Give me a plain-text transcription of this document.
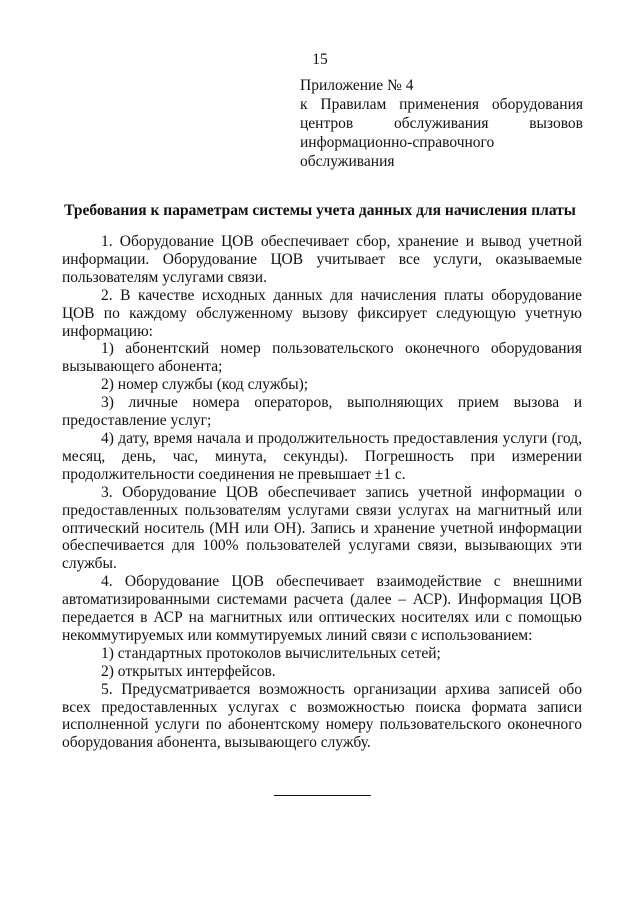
15
Приложение № 4
к Правилам применения оборудования
центров обслуживания вызовов
информационно-справочного обслуживания
Требования к параметрам системы учета данных для начисления платы

1. Оборудование ЦОВ обеспечивает сбор, хранение и вывод учетной информации. Оборудование ЦОВ учитывает все услуги, оказываемые пользователям услугами связи.

2. В качестве исходных данных для начисления платы оборудование ЦОВ по каждому обслуженному вызову фиксирует следующую учетную информацию:

1) абонентский номер пользовательского оконечного оборудования вызывающего абонента;

2) номер службы (код службы);

3) личные номера операторов, выполняющих прием вызова и предоставление услуг;

4) дату, время начала и продолжительность предоставления услуги (год, месяц, день, час, минута, секунды). Погрешность при измерении продолжительности соединения не превышает ±1 с.

3. Оборудование ЦОВ обеспечивает запись учетной информации о предоставленных пользователям услугами связи услугах на магнитный или оптический носитель (МН или ОН). Запись и хранение учетной информации обеспечивается для 100% пользователей услугами связи, вызывающих эти службы.

4. Оборудование ЦОВ обеспечивает взаимодействие с внешними автоматизированными системами расчета (далее – АСР). Информация ЦОВ передается в АСР на магнитных или оптических носителях или с помощью некоммутируемых или коммутируемых линий связи с использованием:

1) стандартных протоколов вычислительных сетей;

2) открытых интерфейсов.

5. Предусматривается возможность организации архива записей обо всех предоставленных услугах с возможностью поиска формата записи исполненной услуги по абонентскому номеру пользовательского оконечного оборудования абонента, вызывающего службу.
